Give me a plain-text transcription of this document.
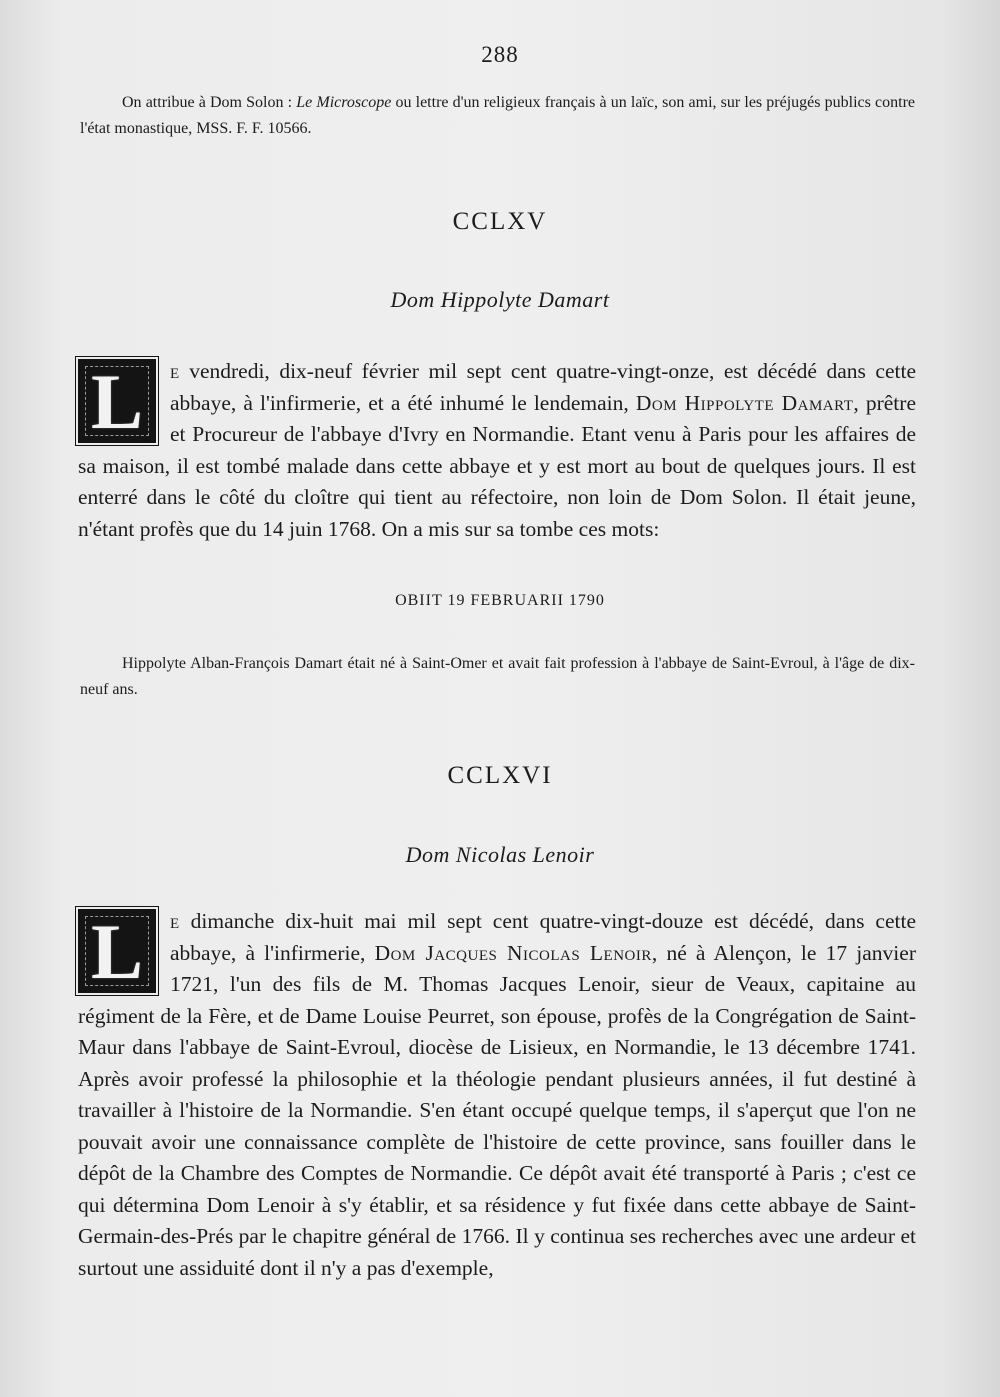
288
On attribue à Dom Solon : Le Microscope ou lettre d'un religieux français à un laïc, son ami, sur les préjugés publics contre l'état monastique, MSS. F. F. 10566.
CCLXV
Dom Hippolyte Damart
L	e vendredi, dix-neuf février mil sept cent quatre-vingt-onze, est décédé dans cette abbaye, à l'infirmerie, et a été inhumé le lendemain, Dom Hippolyte Damart, prêtre et Procureur de l'abbaye d'Ivry en Normandie. Etant venu à Paris pour les affaires de sa maison, il est tombé malade dans cette abbaye et y est mort au bout de quelques jours. Il est enterré dans le côté du cloître qui tient au réfectoire, non loin de Dom Solon. Il était jeune, n'étant profès que du 14 juin 1768. On a mis sur sa tombe ces mots:
OBIIT 19 FEBRUARII 1790
Hippolyte Alban-François Damart était né à Saint-Omer et avait fait profession à l'abbaye de Saint-Evroul, à l'âge de dix-neuf ans.
CCLXVI
Dom Nicolas Lenoir
L	e dimanche dix-huit mai mil sept cent quatre-vingt-douze est décédé, dans cette abbaye, à l'infirmerie, Dom Jacques Nicolas Lenoir, né à Alençon, le 17 janvier 1721, l'un des fils de M. Thomas Jacques Lenoir, sieur de Veaux, capitaine au régiment de la Fère, et de Dame Louise Peurret, son épouse, profès de la Congrégation de Saint-Maur dans l'abbaye de Saint-Evroul, diocèse de Lisieux, en Normandie, le 13 décembre 1741. Après avoir professé la philosophie et la théologie pendant plusieurs années, il fut destiné à travailler à l'histoire de la Normandie. S'en étant occupé quelque temps, il s'aperçut que l'on ne pouvait avoir une connaissance complète de l'histoire de cette province, sans fouiller dans le dépôt de la Chambre des Comptes de Normandie. Ce dépôt avait été transporté à Paris ; c'est ce qui détermina Dom Lenoir à s'y établir, et sa résidence y fut fixée dans cette abbaye de Saint-Germain-des-Prés par le chapitre général de 1766. Il y continua ses recherches avec une ardeur et surtout une assiduité dont il n'y a pas d'exemple,
